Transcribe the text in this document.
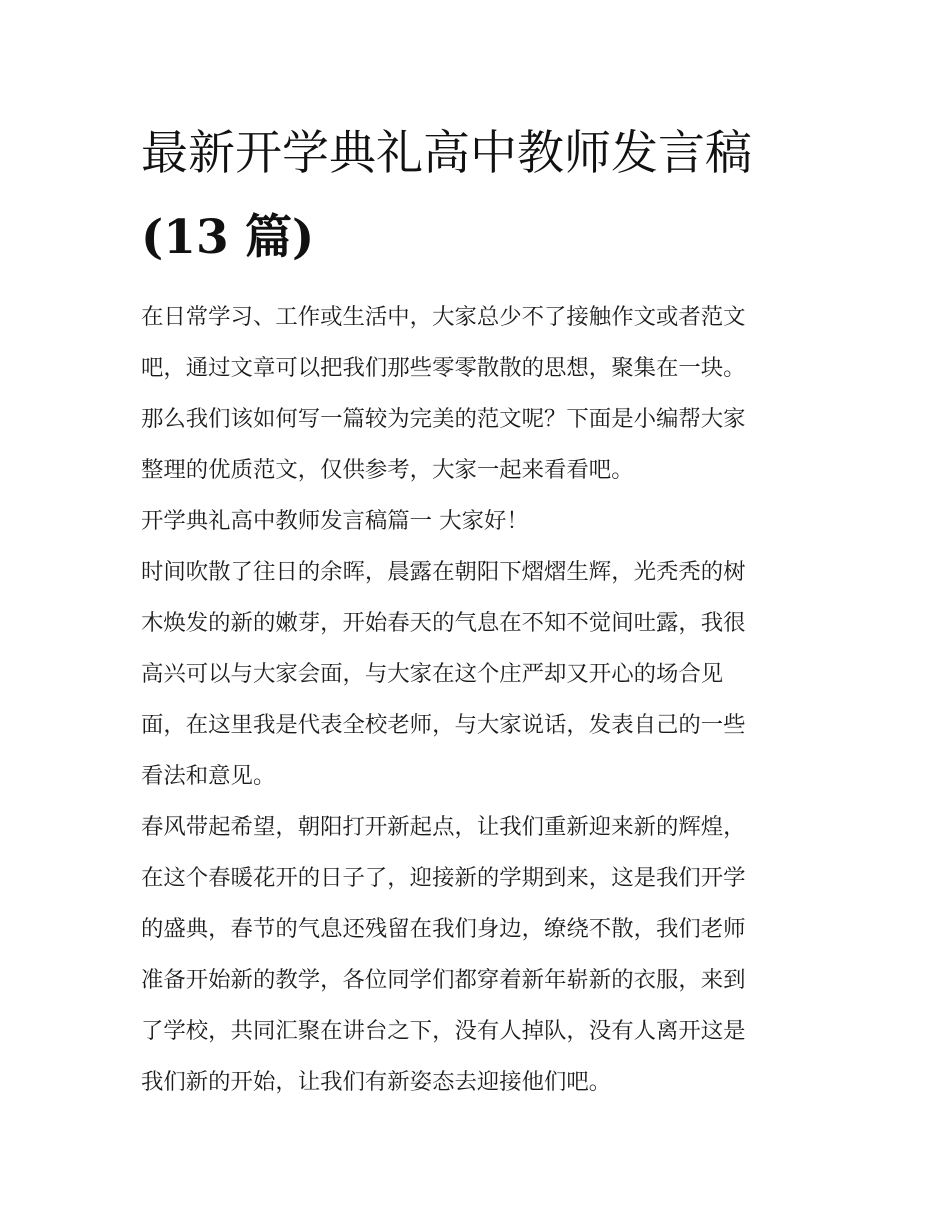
最新开学典礼高中教师发言稿
(13 篇)

在日常学习、工作或生活中，大家总少不了接触作文或者范文
吧，通过文章可以把我们那些零零散散的思想，聚集在一块。
那么我们该如何写一篇较为完美的范文呢？下面是小编帮大家
整理的优质范文，仅供参考，大家一起来看看吧。

开学典礼高中教师发言稿篇一 大家好！

时间吹散了往日的余晖，晨露在朝阳下熠熠生辉，光秃秃的树
木焕发的新的嫩芽，开始春天的气息在不知不觉间吐露，我很
高兴可以与大家会面，与大家在这个庄严却又开心的场合见
面，在这里我是代表全校老师，与大家说话，发表自己的一些
看法和意见。

春风带起希望，朝阳打开新起点，让我们重新迎来新的辉煌，
在这个春暖花开的日子了，迎接新的学期到来，这是我们开学
的盛典，春节的气息还残留在我们身边，缭绕不散，我们老师
准备开始新的教学，各位同学们都穿着新年崭新的衣服，来到
了学校，共同汇聚在讲台之下，没有人掉队，没有人离开这是
我们新的开始，让我们有新姿态去迎接他们吧。
